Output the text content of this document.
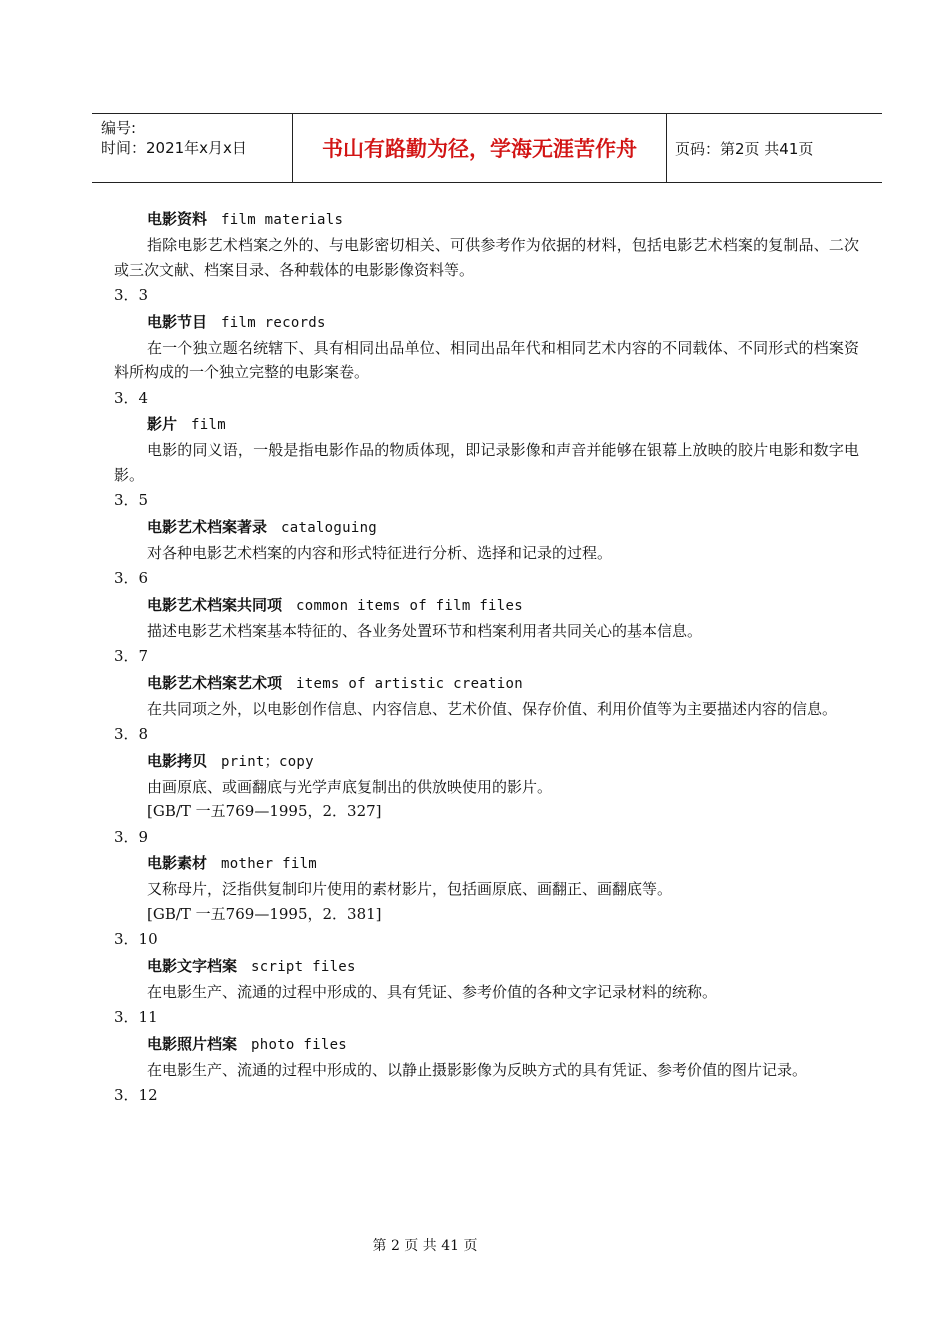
编号:
时间：2021年x月x日	书山有路勤为径，学海无涯苦作舟	页码：第2页 共41页
电影资料 film materials
指除电影艺术档案之外的、与电影密切相关、可供参考作为依据的材料，包括电影艺术档案的复制品、二次或三次文献、档案目录、各种载体的电影影像资料等。
3．3
电影节目 film records
在一个独立题名统辖下、具有相同出品单位、相同出品年代和相同艺术内容的不同载体、不同形式的档案资料所构成的一个独立完整的电影案卷。
3．4
影片 film
电影的同义语，一般是指电影作品的物质体现，即记录影像和声音并能够在银幕上放映的胶片电影和数字电影。
3．5
电影艺术档案著录 cataloguing
对各种电影艺术档案的内容和形式特征进行分析、选择和记录的过程。
3．6
电影艺术档案共同项 common items of film files
描述电影艺术档案基本特征的、各业务处置环节和档案利用者共同关心的基本信息。
3．7
电影艺术档案艺术项 items of artistic creation
在共同项之外，以电影创作信息、内容信息、艺术价值、保存价值、利用价值等为主要描述内容的信息。
3．8
电影拷贝 print；copy
由画原底、或画翻底与光学声底复制出的供放映使用的影片。
[GB/T 一五769—1995，2．327]
3．9
电影素材 mother film
又称母片，泛指供复制印片使用的素材影片，包括画原底、画翻正、画翻底等。
[GB/T 一五769—1995，2．381]
3．10
电影文字档案 script files
在电影生产、流通的过程中形成的、具有凭证、参考价值的各种文字记录材料的统称。
3．11
电影照片档案 photo files
在电影生产、流通的过程中形成的、以静止摄影影像为反映方式的具有凭证、参考价值的图片记录。
3．12
第 2 页 共 41 页
